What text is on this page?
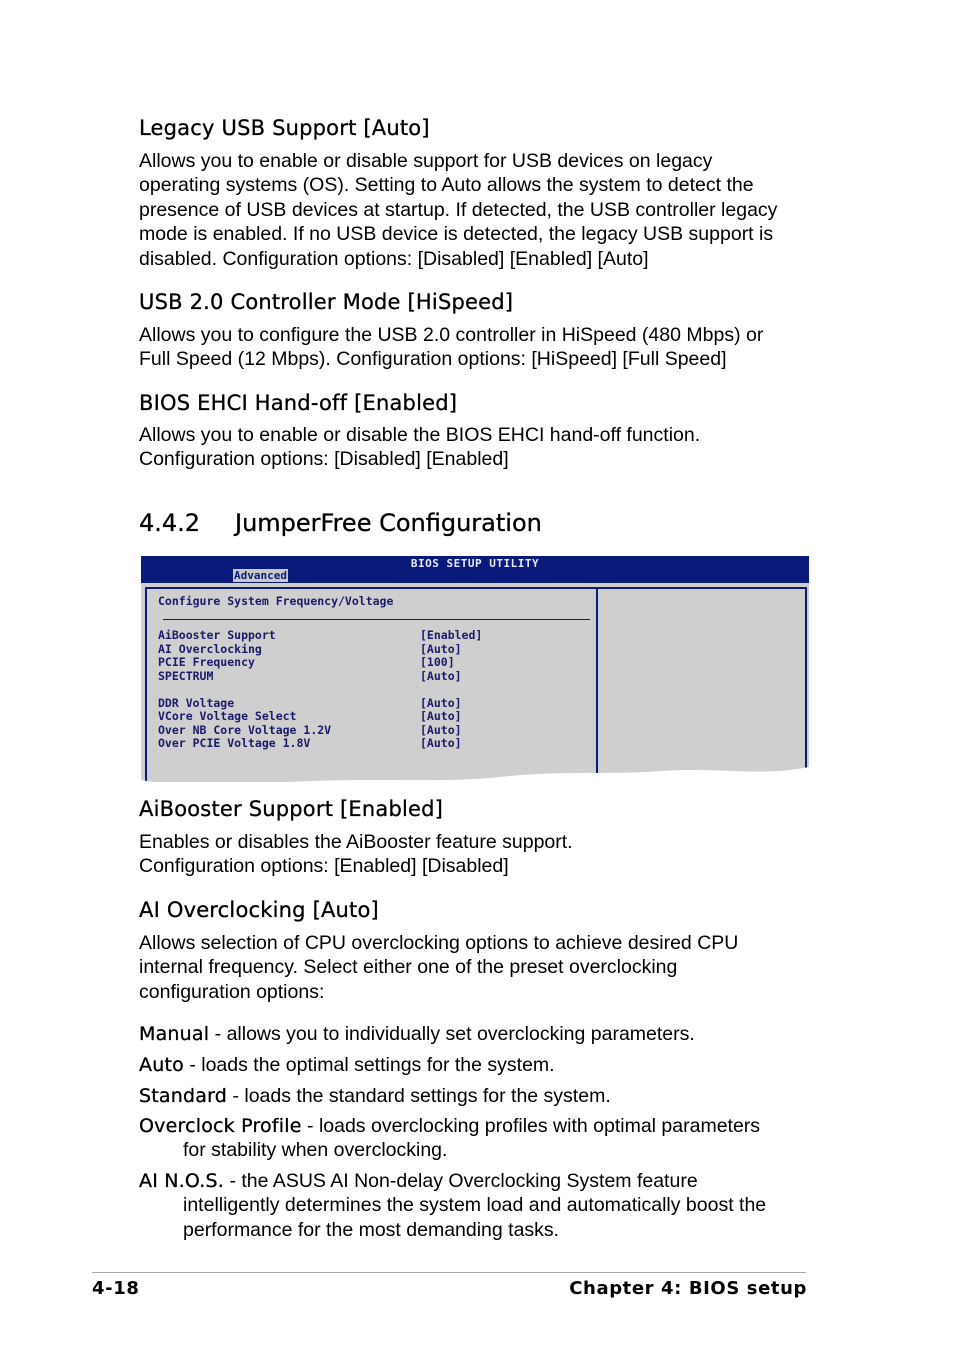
Legacy USB Support [Auto]
Allows you to enable or disable support for USB devices on legacy
operating systems (OS). Setting to Auto allows the system to detect the
presence of USB devices at startup. If detected, the USB controller legacy
mode is enabled. If no USB device is detected, the legacy USB support is
disabled. Configuration options: [Disabled] [Enabled] [Auto]
USB 2.0 Controller Mode [HiSpeed]
Allows you to configure the USB 2.0 controller in HiSpeed (480 Mbps) or
Full Speed (12 Mbps). Configuration options: [HiSpeed] [Full Speed]
BIOS EHCI Hand-off [Enabled]
Allows you to enable or disable the BIOS EHCI hand-off function.
Configuration options: [Disabled] [Enabled]
4.4.2 JumperFree Configuration
Configure System Frequency/Voltage
AiBooster Support	[Enabled]
AI Overclocking	[Auto]
PCIE Frequency	[100]
SPECTRUM	[Auto]
DDR Voltage	[Auto]
VCore Voltage Select	[Auto]
Over NB Core Voltage 1.2V	[Auto]
Over PCIE Voltage 1.8V	[Auto]
BIOS SETUP UTILITY
Advanced
AiBooster Support [Enabled]
Enables or disables the AiBooster feature support.
Configuration options: [Enabled] [Disabled]
AI Overclocking [Auto]
Allows selection of CPU overclocking options to achieve desired CPU
internal frequency. Select either one of the preset overclocking
configuration options:
Manual - allows you to individually set overclocking parameters.
Auto - loads the optimal settings for the system.
Standard - loads the standard settings for the system.
Overclock Profile - loads overclocking profiles with optimal parameters
for stability when overclocking.
AI N.O.S. - the ASUS AI Non-delay Overclocking System feature
intelligently determines the system load and automatically boost the
performance for the most demanding tasks.
4-18	Chapter 4: BIOS setup
